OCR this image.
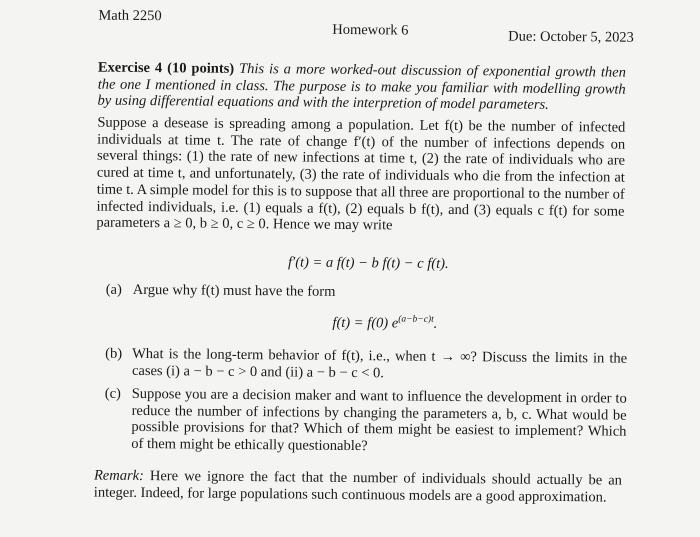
Math 2250
Homework 6	Due: October 5, 2023
Exercise 4 (10 points) This is a more worked-out discussion of exponential growth then the one I mentioned in class. The purpose is to make you familiar with modelling growth by using differential equations and with the interpretion of model parameters.
Suppose a desease is spreading among a population. Let f(t) be the number of infected individuals at time t. The rate of change f′(t) of the number of infections depends on several things: (1) the rate of new infections at time t, (2) the rate of individuals who are cured at time t, and unfortunately, (3) the rate of individuals who die from the infection at time t. A simple model for this is to suppose that all three are proportional to the number of infected individuals, i.e. (1) equals a f(t), (2) equals b f(t), and (3) equals c f(t) for some parameters a ≥ 0, b ≥ 0, c ≥ 0. Hence we may write
f′(t) = a f(t) − b f(t) − c f(t).
(a) Argue why f(t) must have the form
f(t) = f(0) $e^{(a-b-c)t}$.
(b) What is the long-term behavior of f(t), i.e., when t → ∞? Discuss the limits in the cases (i) a − b − c > 0 and (ii) a − b − c < 0.
(c) Suppose you are a decision maker and want to influence the development in order to reduce the number of infections by changing the parameters a, b, c. What would be possible provisions for that? Which of them might be easiest to implement? Which of them might be ethically questionable?
Remark: Here we ignore the fact that the number of individuals should actually be an integer. Indeed, for large populations such continuous models are a good approximation.
